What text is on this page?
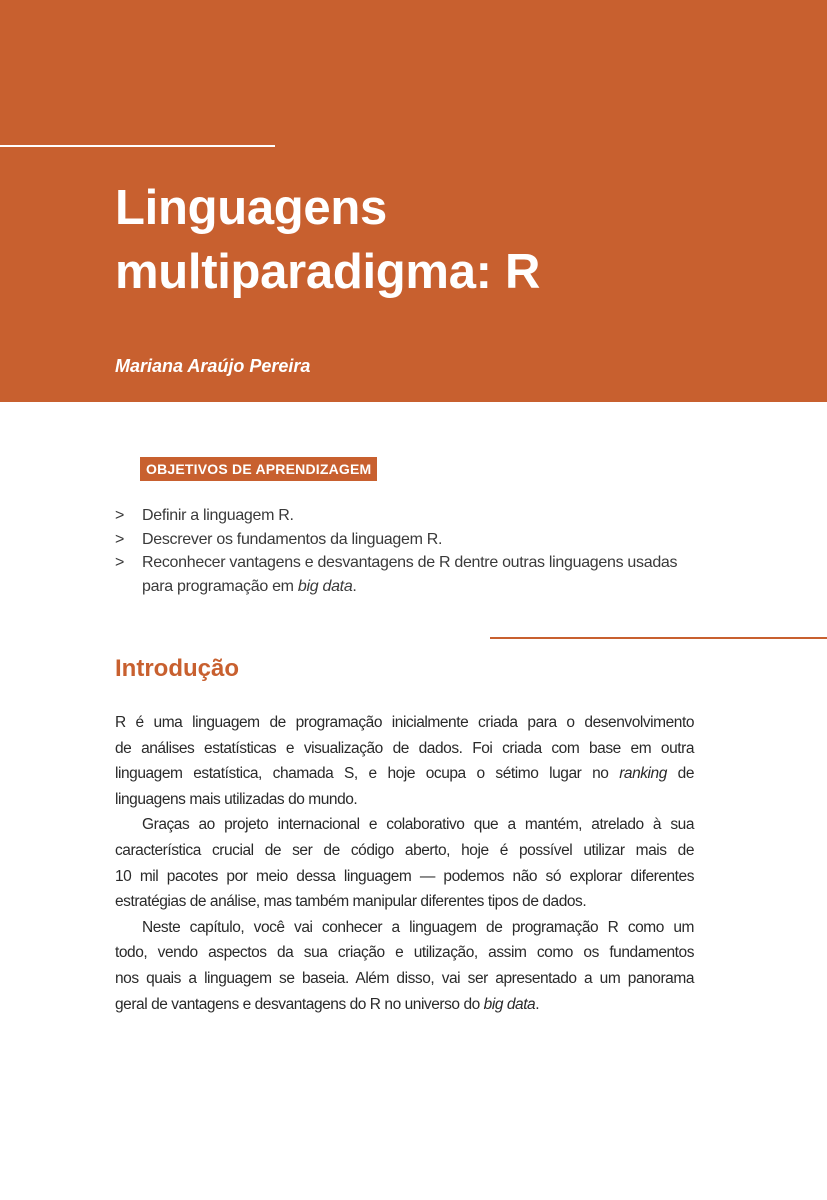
Linguagens
multiparadigma: R
Mariana Araújo Pereira
OBJETIVOS DE APRENDIZAGEM
> Definir a linguagem R.
> Descrever os fundamentos da linguagem R.
> Reconhecer vantagens e desvantagens de R dentre outras linguagens usadas para programação em big data.
Introdução
R é uma linguagem de programação inicialmente criada para o desenvolvimento
de análises estatísticas e visualização de dados. Foi criada com base em outra
linguagem estatística, chamada S, e hoje ocupa o sétimo lugar no ranking de
linguagens mais utilizadas do mundo.
Graças ao projeto internacional e colaborativo que a mantém, atrelado à sua
característica crucial de ser de código aberto, hoje é possível utilizar mais de
10 mil pacotes por meio dessa linguagem — podemos não só explorar diferentes
estratégias de análise, mas também manipular diferentes tipos de dados.
Neste capítulo, você vai conhecer a linguagem de programação R como um
todo, vendo aspectos da sua criação e utilização, assim como os fundamentos
nos quais a linguagem se baseia. Além disso, vai ser apresentado a um panorama
geral de vantagens e desvantagens do R no universo do big data.
